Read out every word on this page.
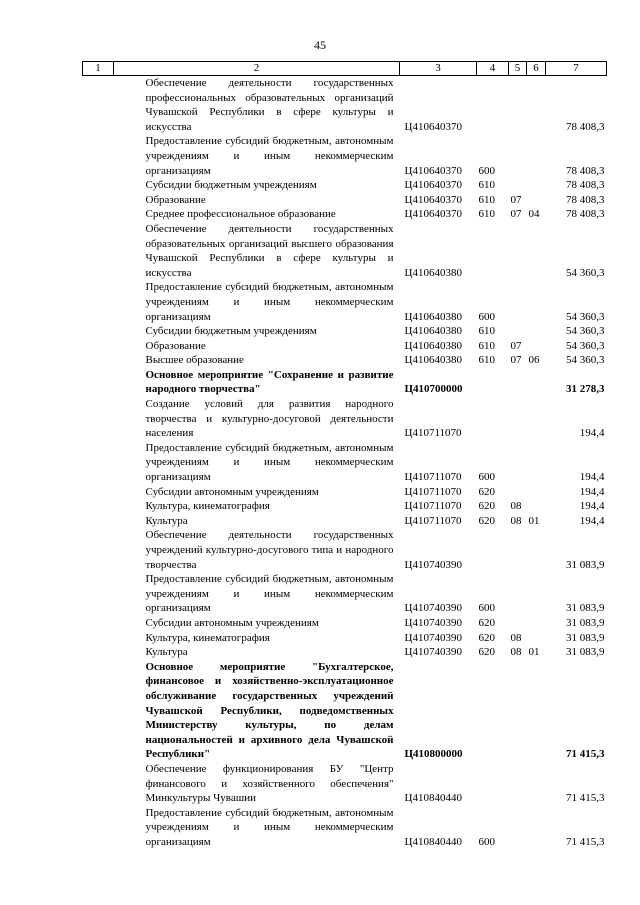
45
1	2	3	4	5	6	7
	Обеспечение деятельности государственных профессиональных образовательных организаций Чувашской Республики в сфере культуры и искусства	Ц410640370				78 408,3
	Предоставление субсидий бюджетным, автономным учреждениям и иным некоммерческим организациям	Ц410640370	600			78 408,3
	Субсидии бюджетным учреждениям	Ц410640370	610			78 408,3
	Образование	Ц410640370	610	07		78 408,3
	Среднее профессиональное образование	Ц410640370	610	07	04	78 408,3
	Обеспечение деятельности государственных образовательных организаций высшего образования Чувашской Республики в сфере культуры и искусства	Ц410640380				54 360,3
	Предоставление субсидий бюджетным, автономным учреждениям и иным некоммерческим организациям	Ц410640380	600			54 360,3
	Субсидии бюджетным учреждениям	Ц410640380	610			54 360,3
	Образование	Ц410640380	610	07		54 360,3
	Высшее образование	Ц410640380	610	07	06	54 360,3
	Основное мероприятие "Сохранение и развитие народного творчества"	Ц410700000				31 278,3
	Создание условий для развития народного творчества и культурно-досуговой деятельности населения	Ц410711070				194,4
	Предоставление субсидий бюджетным, автономным учреждениям и иным некоммерческим организациям	Ц410711070	600			194,4
	Субсидии автономным учреждениям	Ц410711070	620			194,4
	Культура, кинематография	Ц410711070	620	08		194,4
	Культура	Ц410711070	620	08	01	194,4
	Обеспечение деятельности государственных учреждений культурно-досугового типа и народного творчества	Ц410740390				31 083,9
	Предоставление субсидий бюджетным, автономным учреждениям и иным некоммерческим организациям	Ц410740390	600			31 083,9
	Субсидии автономным учреждениям	Ц410740390	620			31 083,9
	Культура, кинематография	Ц410740390	620	08		31 083,9
	Культура	Ц410740390	620	08	01	31 083,9
	Основное мероприятие "Бухгалтерское, финансовое и хозяйственно-эксплуатационное обслуживание государственных учреждений Чувашской Республики, подведомственных Министерству культуры, по делам национальностей и архивного дела Чувашской Республики"	Ц410800000				71 415,3
	Обеспечение функционирования БУ "Центр финансового и хозяйственного обеспечения" Минкультуры Чувашии	Ц410840440				71 415,3
	Предоставление субсидий бюджетным, автономным учреждениям и иным некоммерческим организациям	Ц410840440	600			71 415,3
